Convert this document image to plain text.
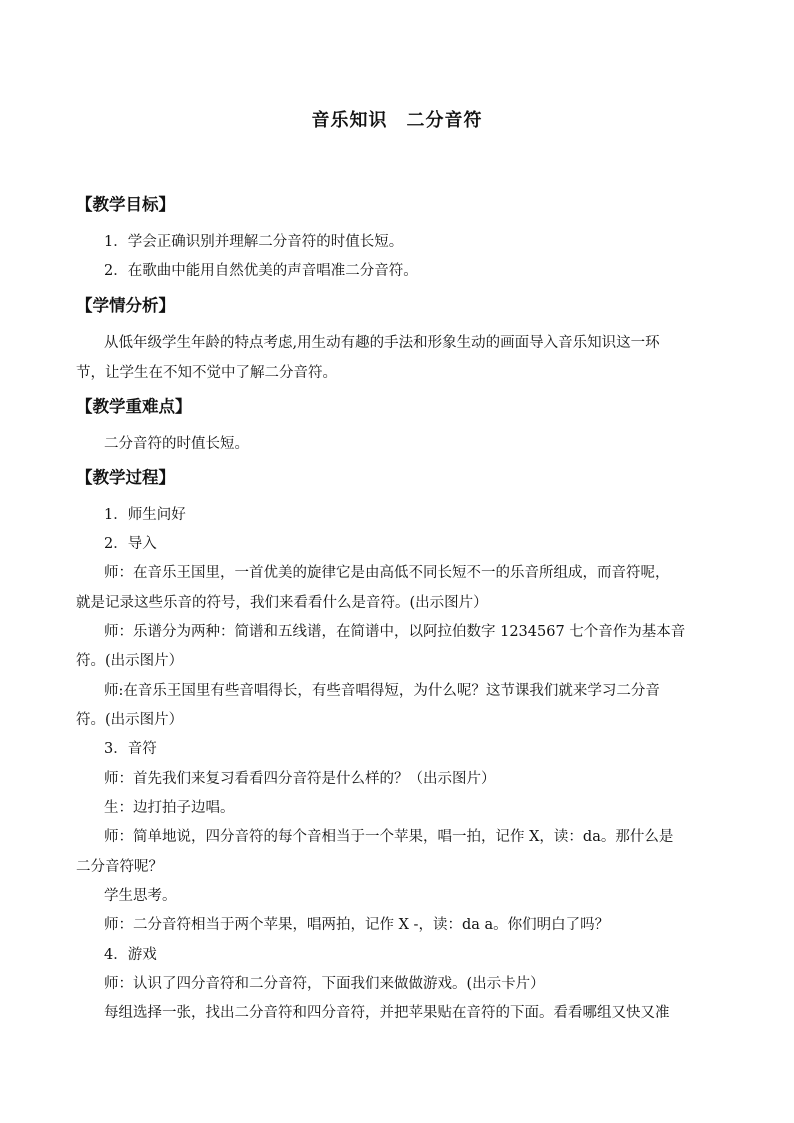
音乐知识　二分音符
【教学目标】
1．学会正确识别并理解二分音符的时值长短。
2．在歌曲中能用自然优美的声音唱准二分音符。
【学情分析】
从低年级学生年龄的特点考虑,用生动有趣的手法和形象生动的画面导入音乐知识这一环
节，让学生在不知不觉中了解二分音符。
【教学重难点】
二分音符的时值长短。
【教学过程】
1．师生问好
2．导入
师：在音乐王国里，一首优美的旋律它是由高低不同长短不一的乐音所组成，而音符呢，
就是记录这些乐音的符号，我们来看看什么是音符。(出示图片）
师：乐谱分为两种：简谱和五线谱，在简谱中，以阿拉伯数字 1234567 七个音作为基本音
符。(出示图片）
师:在音乐王国里有些音唱得长，有些音唱得短，为什么呢？这节课我们就来学习二分音
符。(出示图片）
3．音符
师：首先我们来复习看看四分音符是什么样的？（出示图片）
生：边打拍子边唱。
师：简单地说，四分音符的每个音相当于一个苹果，唱一拍，记作 X，读：da。那什么是
二分音符呢？
学生思考。
师：二分音符相当于两个苹果，唱两拍，记作 X -，读：da a。你们明白了吗？
4．游戏
师：认识了四分音符和二分音符，下面我们来做做游戏。(出示卡片）
每组选择一张，找出二分音符和四分音符，并把苹果贴在音符的下面。看看哪组又快又准
